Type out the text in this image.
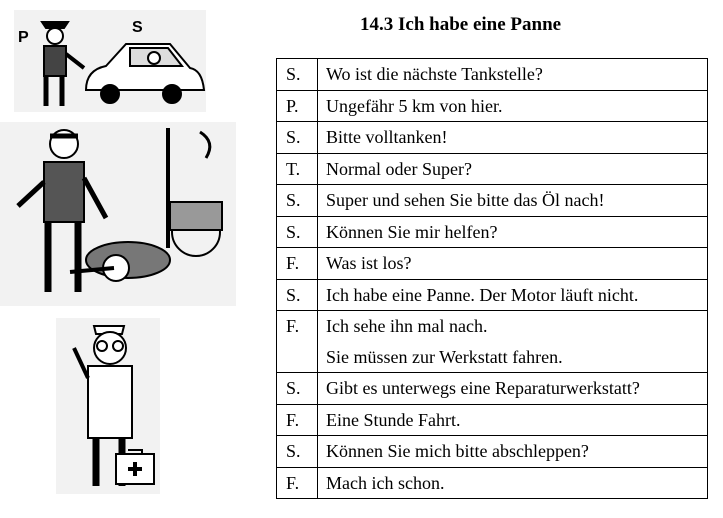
P
S	14.3 Ich habe eine Panne
S.	Wo ist die nächste Tankstelle?

P.	Ungefähr 5 km von hier.

S.	Bitte volltanken!

T.	Normal oder Super?

S.	Super und sehen Sie bitte das Öl nach!

S.	Können Sie mir helfen?

F.	Was ist los?

S.	Ich habe eine Panne. Der Motor läuft nicht.

F.	Ich sehe ihn mal nach.
Sie müssen zur Werkstatt fahren.

S.	Gibt es unterwegs eine Reparaturwerkstatt?

F.	Eine Stunde Fahrt.

S.	Können Sie mich bitte abschleppen?

F.	Mach ich schon.
